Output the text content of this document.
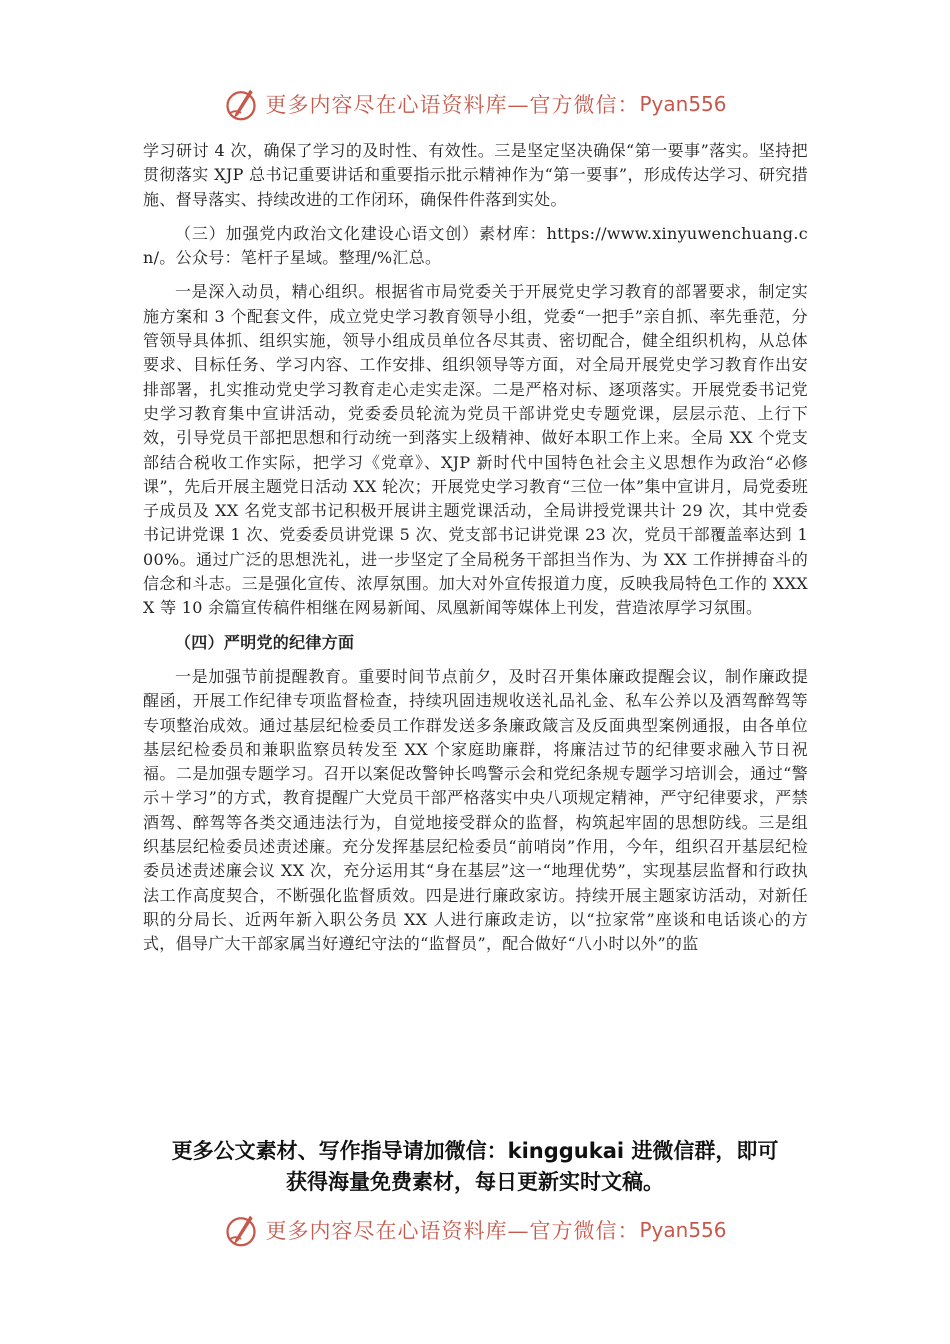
更多内容尽在心语资料库—官方微信： Pyan556

学习研讨 4 次，确保了学习的及时性、有效性。三是坚定坚决确保“第一要事”落实。坚持把贯彻落实 XJP 总书记重要讲话和重要指示批示精神作为“第一要事”，形成传达学习、研究措施、督导落实、持续改进的工作闭环，确保件件落到实处。

（三）加强党内政治文化建设心语文创）素材库：https://www.xinyuwenchuang.cn/。公众号：笔杆子星域。整理/%汇总。

一是深入动员，精心组织。根据省市局党委关于开展党史学习教育的部署要求，制定实施方案和 3 个配套文件，成立党史学习教育领导小组，党委“一把手”亲自抓、率先垂范，分管领导具体抓、组织实施，领导小组成员单位各尽其责、密切配合，健全组织机构，从总体要求、目标任务、学习内容、工作安排、组织领导等方面，对全局开展党史学习教育作出安排部署，扎实推动党史学习教育走心走实走深。二是严格对标、逐项落实。开展党委书记党史学习教育集中宣讲活动，党委委员轮流为党员干部讲党史专题党课，层层示范、上行下效，引导党员干部把思想和行动统一到落实上级精神、做好本职工作上来。全局 XX 个党支部结合税收工作实际，把学习《党章》、XJP 新时代中国特色社会主义思想作为政治“必修课”，先后开展主题党日活动 XX 轮次；开展党史学习教育“三位一体”集中宣讲月，局党委班子成员及 XX 名党支部书记积极开展讲主题党课活动，全局讲授党课共计 29 次，其中党委书记讲党课 1 次、党委委员讲党课 5 次、党支部书记讲党课 23 次，党员干部覆盖率达到 100%。通过广泛的思想洗礼，进一步坚定了全局税务干部担当作为、为 XX 工作拼搏奋斗的信念和斗志。三是强化宣传、浓厚氛围。加大对外宣传报道力度，反映我局特色工作的 XXXX 等 10 余篇宣传稿件相继在网易新闻、凤凰新闻等媒体上刊发，营造浓厚学习氛围。

（四）严明党的纪律方面

一是加强节前提醒教育。重要时间节点前夕，及时召开集体廉政提醒会议，制作廉政提醒函，开展工作纪律专项监督检查，持续巩固违规收送礼品礼金、私车公养以及酒驾醉驾等专项整治成效。通过基层纪检委员工作群发送多条廉政箴言及反面典型案例通报，由各单位基层纪检委员和兼职监察员转发至 XX 个家庭助廉群，将廉洁过节的纪律要求融入节日祝福。二是加强专题学习。召开以案促改警钟长鸣警示会和党纪条规专题学习培训会，通过“警示＋学习”的方式，教育提醒广大党员干部严格落实中央八项规定精神，严守纪律要求，严禁酒驾、醉驾等各类交通违法行为，自觉地接受群众的监督，构筑起牢固的思想防线。三是组织基层纪检委员述责述廉。充分发挥基层纪检委员“前哨岗”作用，今年，组织召开基层纪检委员述责述廉会议 XX 次，充分运用其“身在基层”这一“地理优势”，实现基层监督和行政执法工作高度契合，不断强化监督质效。四是进行廉政家访。持续开展主题家访活动，对新任职的分局长、近两年新入职公务员 XX 人进行廉政走访，以“拉家常”座谈和电话谈心的方式，倡导广大干部家属当好遵纪守法的“监督员”，配合做好“八小时以外”的监

更多公文素材、写作指导请加微信：kinggukai 进微信群，即可
获得海量免费素材，每日更新实时文稿。
更多内容尽在心语资料库—官方微信： Pyan556
